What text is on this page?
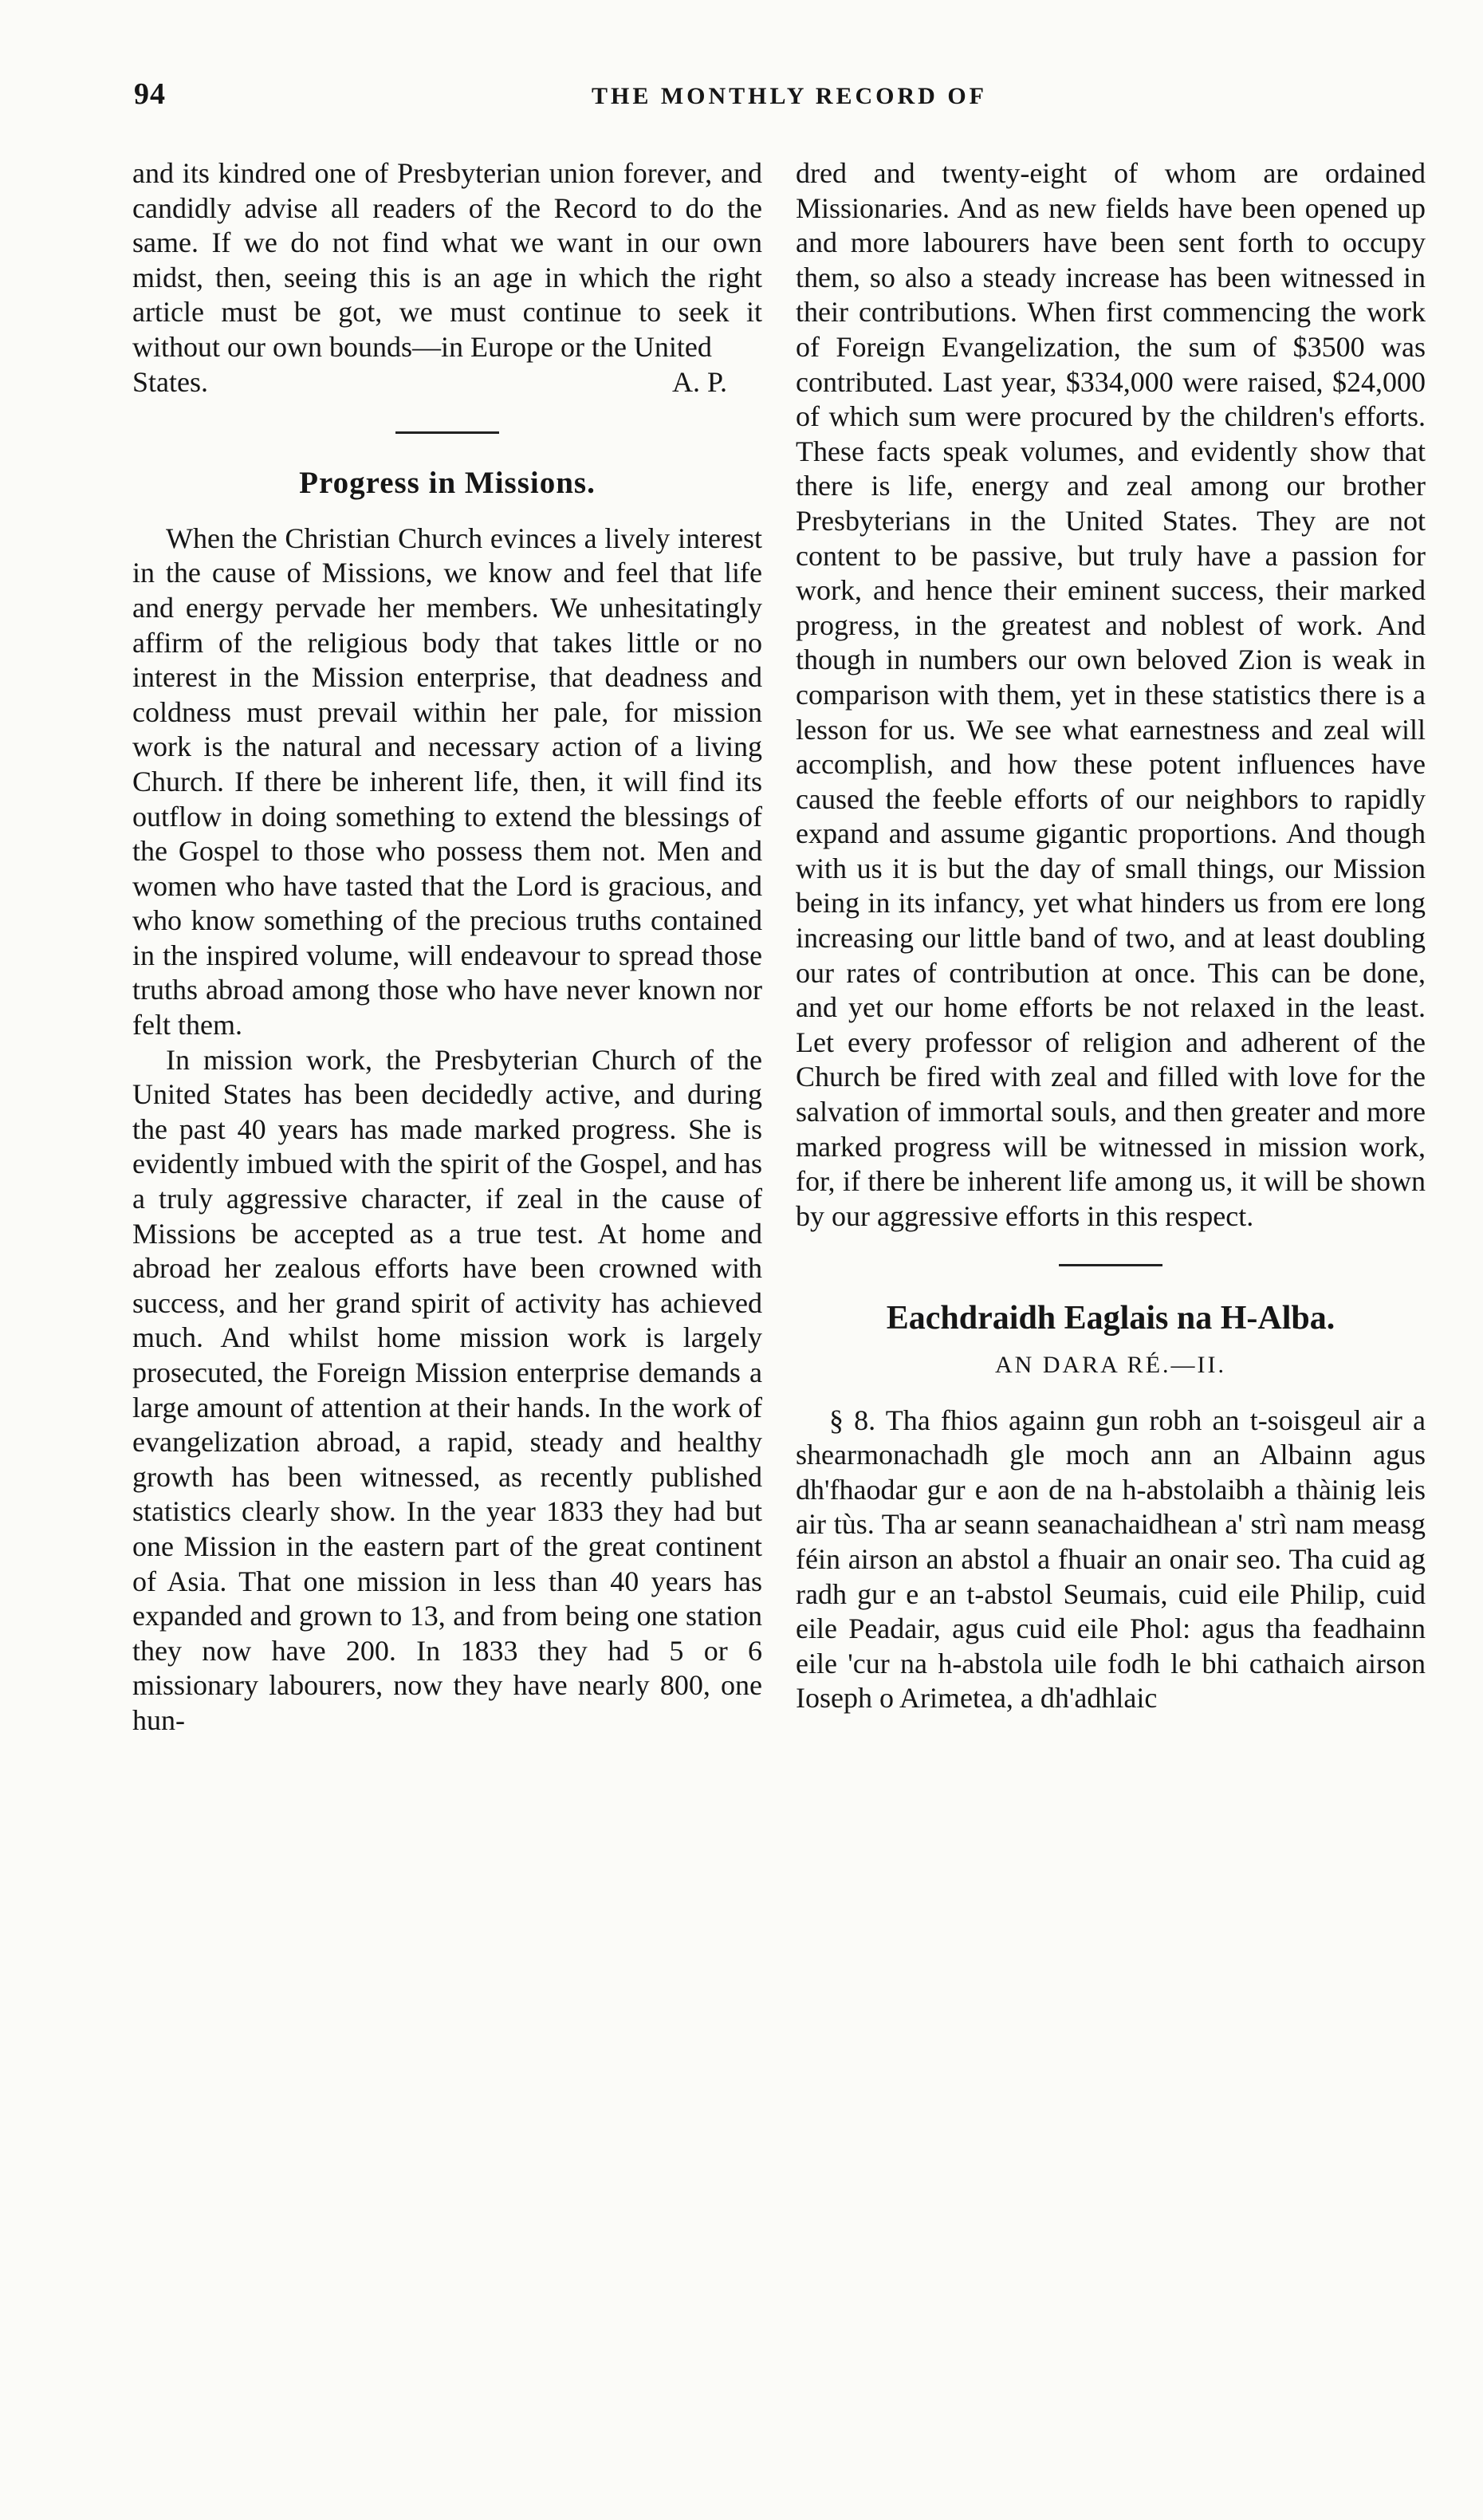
94	THE MONTHLY RECORD OF

and its kindred one of Presbyterian union forever, and candidly advise all readers of the Record to do the same. If we do not find what we want in our own midst, then, seeing this is an age in which the right article must be got, we must continue to seek it without our own bounds—in Europe or the United

States.	A. P.

Progress in Missions.

When the Christian Church evinces a lively interest in the cause of Missions, we know and feel that life and energy pervade her members. We unhesitatingly affirm of the religious body that takes little or no interest in the Mission enterprise, that deadness and coldness must prevail within her pale, for mission work is the natural and necessary action of a living Church. If there be inherent life, then, it will find its outflow in doing something to extend the blessings of the Gospel to those who possess them not. Men and women who have tasted that the Lord is gracious, and who know something of the precious truths contained in the inspired volume, will endeavour to spread those truths abroad among those who have never known nor felt them.

In mission work, the Presbyterian Church of the United States has been decidedly active, and during the past 40 years has made marked progress. She is evidently imbued with the spirit of the Gospel, and has a truly aggressive character, if zeal in the cause of Missions be accepted as a true test. At home and abroad her zealous efforts have been crowned with success, and her grand spirit of activity has achieved much. And whilst home mission work is largely prosecuted, the Foreign Mission enterprise demands a large amount of attention at their hands. In the work of evangelization abroad, a rapid, steady and healthy growth has been witnessed, as recently published statistics clearly show. In the year 1833 they had but one Mission in the eastern part of the great continent of Asia. That one mission in less than 40 years has expanded and grown to 13, and from being one station they now have 200. In 1833 they had 5 or 6 missionary labourers, now they have nearly 800, one hun-

dred and twenty-eight of whom are ordained Missionaries. And as new fields have been opened up and more labourers have been sent forth to occupy them, so also a steady increase has been witnessed in their contributions. When first commencing the work of Foreign Evangelization, the sum of $3500 was contributed. Last year, $334,000 were raised, $24,000 of which sum were procured by the children's efforts. These facts speak volumes, and evidently show that there is life, energy and zeal among our brother Presbyterians in the United States. They are not content to be passive, but truly have a passion for work, and hence their eminent success, their marked progress, in the greatest and noblest of work. And though in numbers our own beloved Zion is weak in comparison with them, yet in these statistics there is a lesson for us. We see what earnestness and zeal will accomplish, and how these potent influences have caused the feeble efforts of our neighbors to rapidly expand and assume gigantic proportions. And though with us it is but the day of small things, our Mission being in its infancy, yet what hinders us from ere long increasing our little band of two, and at least doubling our rates of contribution at once. This can be done, and yet our home efforts be not relaxed in the least. Let every professor of religion and adherent of the Church be fired with zeal and filled with love for the salvation of immortal souls, and then greater and more marked progress will be witnessed in mission work, for, if there be inherent life among us, it will be shown by our aggressive efforts in this respect.

Eachdraidh Eaglais na H-Alba.
AN DARA RÉ.—II.

§ 8. Tha fhios againn gun robh an t-soisgeul air a shearmonachadh gle moch ann an Albainn agus dh'fhaodar gur e aon de na h-abstolaibh a thàinig leis air tùs. Tha ar seann seanachaidhean a' strì nam measg féin airson an abstol a fhuair an onair seo. Tha cuid ag radh gur e an t-abstol Seumais, cuid eile Philip, cuid eile Peadair, agus cuid eile Phol: agus tha feadhainn eile 'cur na h-abstola uile fodh le bhi cathaich airson Ioseph o Arimetea, a dh'adhlaic
